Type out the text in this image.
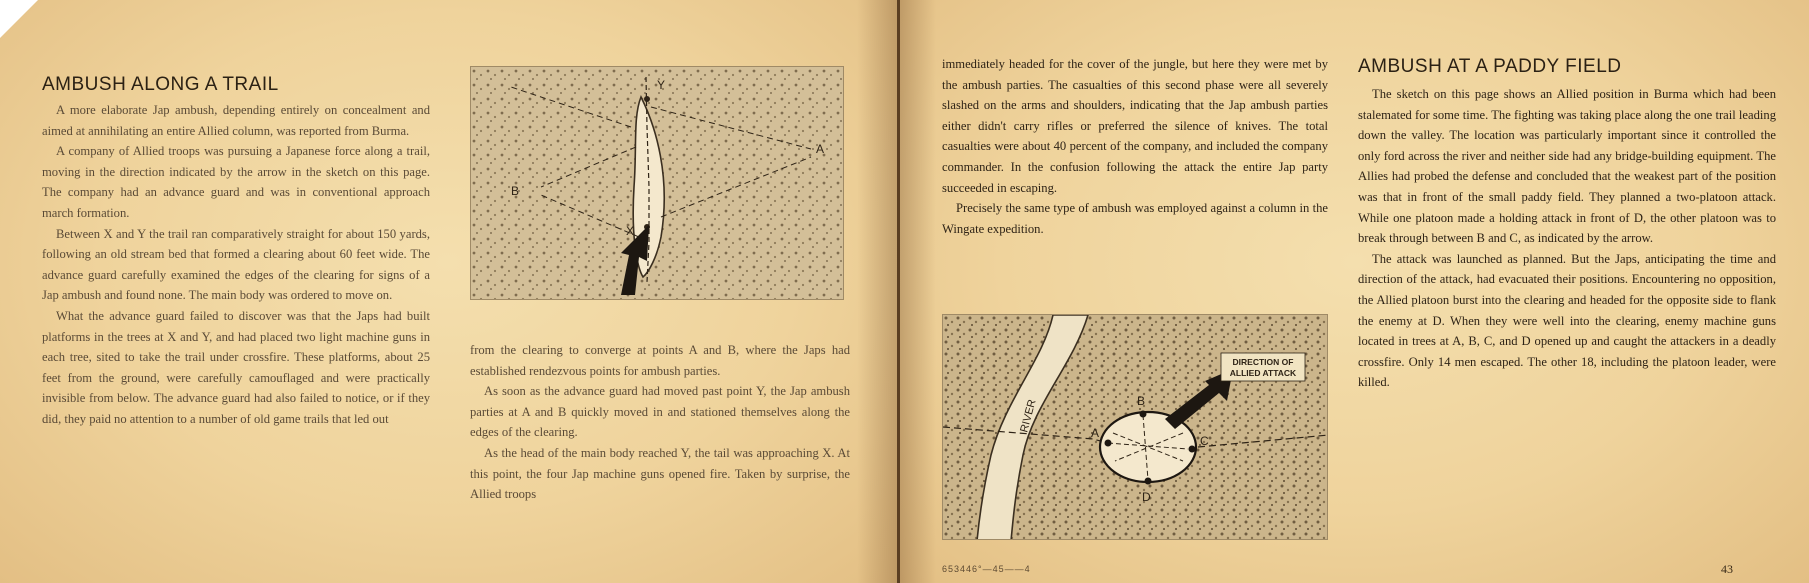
AMBUSH ALONG A TRAIL

A more elaborate Jap ambush, depending entirely on concealment and aimed at annihilating an entire Allied column, was reported from Burma.

A company of Allied troops was pursuing a Japanese force along a trail, moving in the direction indicated by the arrow in the sketch on this page. The company had an advance guard and was in conventional approach march formation.

Between X and Y the trail ran comparatively straight for about 150 yards, following an old stream bed that formed a clearing about 60 feet wide. The advance guard carefully examined the edges of the clearing for signs of a Jap ambush and found none. The main body was ordered to move on.

What the advance guard failed to discover was that the Japs had built platforms in the trees at X and Y, and had placed two light machine guns in each tree, sited to take the trail under crossfire. These platforms, about 25 feet from the ground, were carefully camouflaged and were practically invisible from below. The advance guard had also failed to notice, or if they did, they paid no attention to a number of old game trails that led out

Y
A
B
X

from the clearing to converge at points A and B, where the Japs had established rendezvous points for ambush parties.

As soon as the advance guard had moved past point Y, the Jap ambush parties at A and B quickly moved in and stationed themselves along the edges of the clearing.

As the head of the main body reached Y, the tail was approaching X. At this point, the four Jap machine guns opened fire. Taken by surprise, the Allied troops

immediately headed for the cover of the jungle, but here they were met by the ambush parties. The casualties of this second phase were all severely slashed on the arms and shoulders, indicating that the Jap ambush parties either didn't carry rifles or preferred the silence of knives. The total casualties were about 40 percent of the company, and included the company commander. In the confusion following the attack the entire Jap party succeeded in escaping.

Precisely the same type of ambush was employed against a column in the Wingate expedition.

RIVER
DIRECTION OF
ALLIED ATTACK
A
B
C
D
AMBUSH AT A PADDY FIELD

The sketch on this page shows an Allied position in Burma which had been stalemated for some time. The fighting was taking place along the one trail leading down the valley. The location was particularly important since it controlled the only ford across the river and neither side had any bridge-building equipment. The Allies had probed the defense and concluded that the weakest part of the position was that in front of the small paddy field. They planned a two-platoon attack. While one platoon made a holding attack in front of D, the other platoon was to break through between B and C, as indicated by the arrow.

The attack was launched as planned. But the Japs, anticipating the time and direction of the attack, had evacuated their positions. Encountering no opposition, the Allied platoon burst into the clearing and headed for the opposite side to flank the enemy at D. When they were well into the clearing, enemy machine guns located in trees at A, B, C, and D opened up and caught the attackers in a deadly crossfire. Only 14 men escaped. The other 18, including the platoon leader, were killed.

653446°—45——4	43
